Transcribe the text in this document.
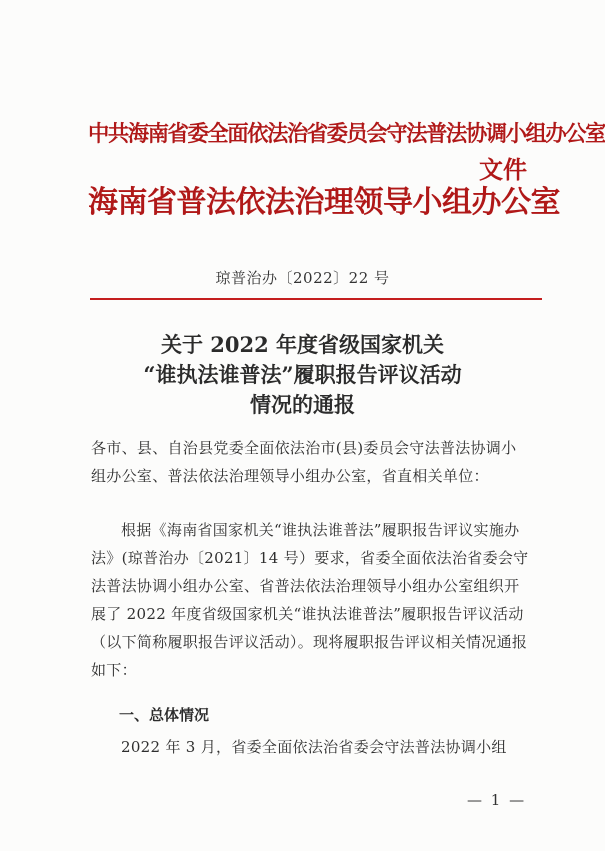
中共海南省委全面依法治省委员会守法普法协调小组办公室
海南省普法依法治理领导小组办公室
文件
琼普治办〔2022〕22 号
关于 2022 年度省级国家机关
“谁执法谁普法”履职报告评议活动
情况的通报
各市、县、自治县党委全面依法治市(县)委员会守法普法协调小组办公室、普法依法治理领导小组办公室，省直相关单位：
根据《海南省国家机关“谁执法谁普法”履职报告评议实施办法》(琼普治办〔2021〕14 号）要求，省委全面依法治省委会守法普法协调小组办公室、省普法依法治理领导小组办公室组织开展了 2022 年度省级国家机关“谁执法谁普法”履职报告评议活动（以下简称履职报告评议活动）。现将履职报告评议相关情况通报如下：
一、总体情况
2022 年 3 月，省委全面依法治省委会守法普法协调小组
— 1 —
